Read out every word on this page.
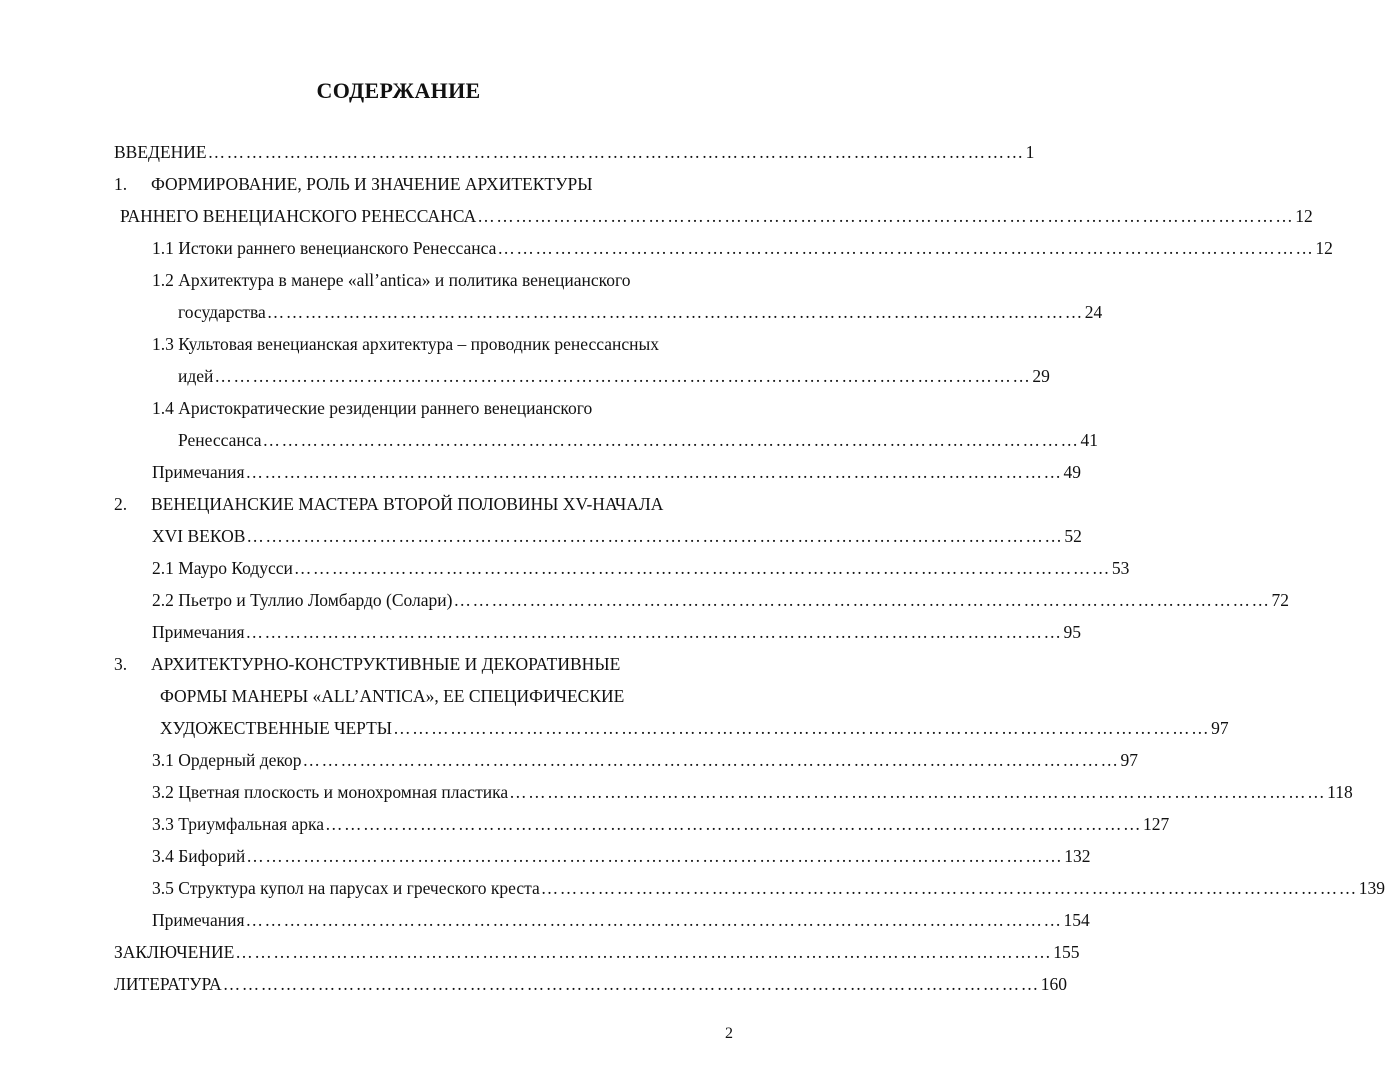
СОДЕРЖАНИЕ
ВВЕДЕНИЕ ………………………………………………………………………………………………………………… 1
1. ФОРМИРОВАНИЕ, РОЛЬ И ЗНАЧЕНИЕ АРХИТЕКТУРЫ
РАННЕГО ВЕНЕЦИАНСКОГО РЕНЕССАНСА ………………………………………………………………………………………………………………… 12
1.1 Истоки раннего венецианского Ренессанса ………………………………………………………………………………………………………………… 12
1.2 Архитектура в манере «all’antica» и политика венецианского
государства ………………………………………………………………………………………………………………… 24
1.3 Культовая венецианская архитектура – проводник ренессансных
идей ………………………………………………………………………………………………………………… 29
1.4 Аристократические резиденции раннего венецианского
Ренессанса ………………………………………………………………………………………………………………… 41
Примечания ………………………………………………………………………………………………………………… 49
2. ВЕНЕЦИАНСКИЕ МАСТЕРА ВТОРОЙ ПОЛОВИНЫ XV-НАЧАЛА
XVI ВЕКОВ ………………………………………………………………………………………………………………… 52
2.1 Мауро Кодусси ………………………………………………………………………………………………………………… 53
2.2 Пьетро и Туллио Ломбардо (Солари) ………………………………………………………………………………………………………………… 72
Примечания ………………………………………………………………………………………………………………… 95
3. АРХИТЕКТУРНО-КОНСТРУКТИВНЫЕ И ДЕКОРАТИВНЫЕ
ФОРМЫ МАНЕРЫ «ALL’ANTICA», ЕЕ СПЕЦИФИЧЕСКИЕ
ХУДОЖЕСТВЕННЫЕ ЧЕРТЫ ………………………………………………………………………………………………………………… 97
3.1 Ордерный декор ………………………………………………………………………………………………………………… 97
3.2 Цветная плоскость и монохромная пластика ………………………………………………………………………………………………………………… 118
3.3 Триумфальная арка ………………………………………………………………………………………………………………… 127
3.4 Бифорий ………………………………………………………………………………………………………………… 132
3.5 Структура купол на парусах и греческого креста ………………………………………………………………………………………………………………… 139
Примечания ………………………………………………………………………………………………………………… 154
ЗАКЛЮЧЕНИЕ ………………………………………………………………………………………………………………… 155
ЛИТЕРАТУРА ………………………………………………………………………………………………………………… 160
2
